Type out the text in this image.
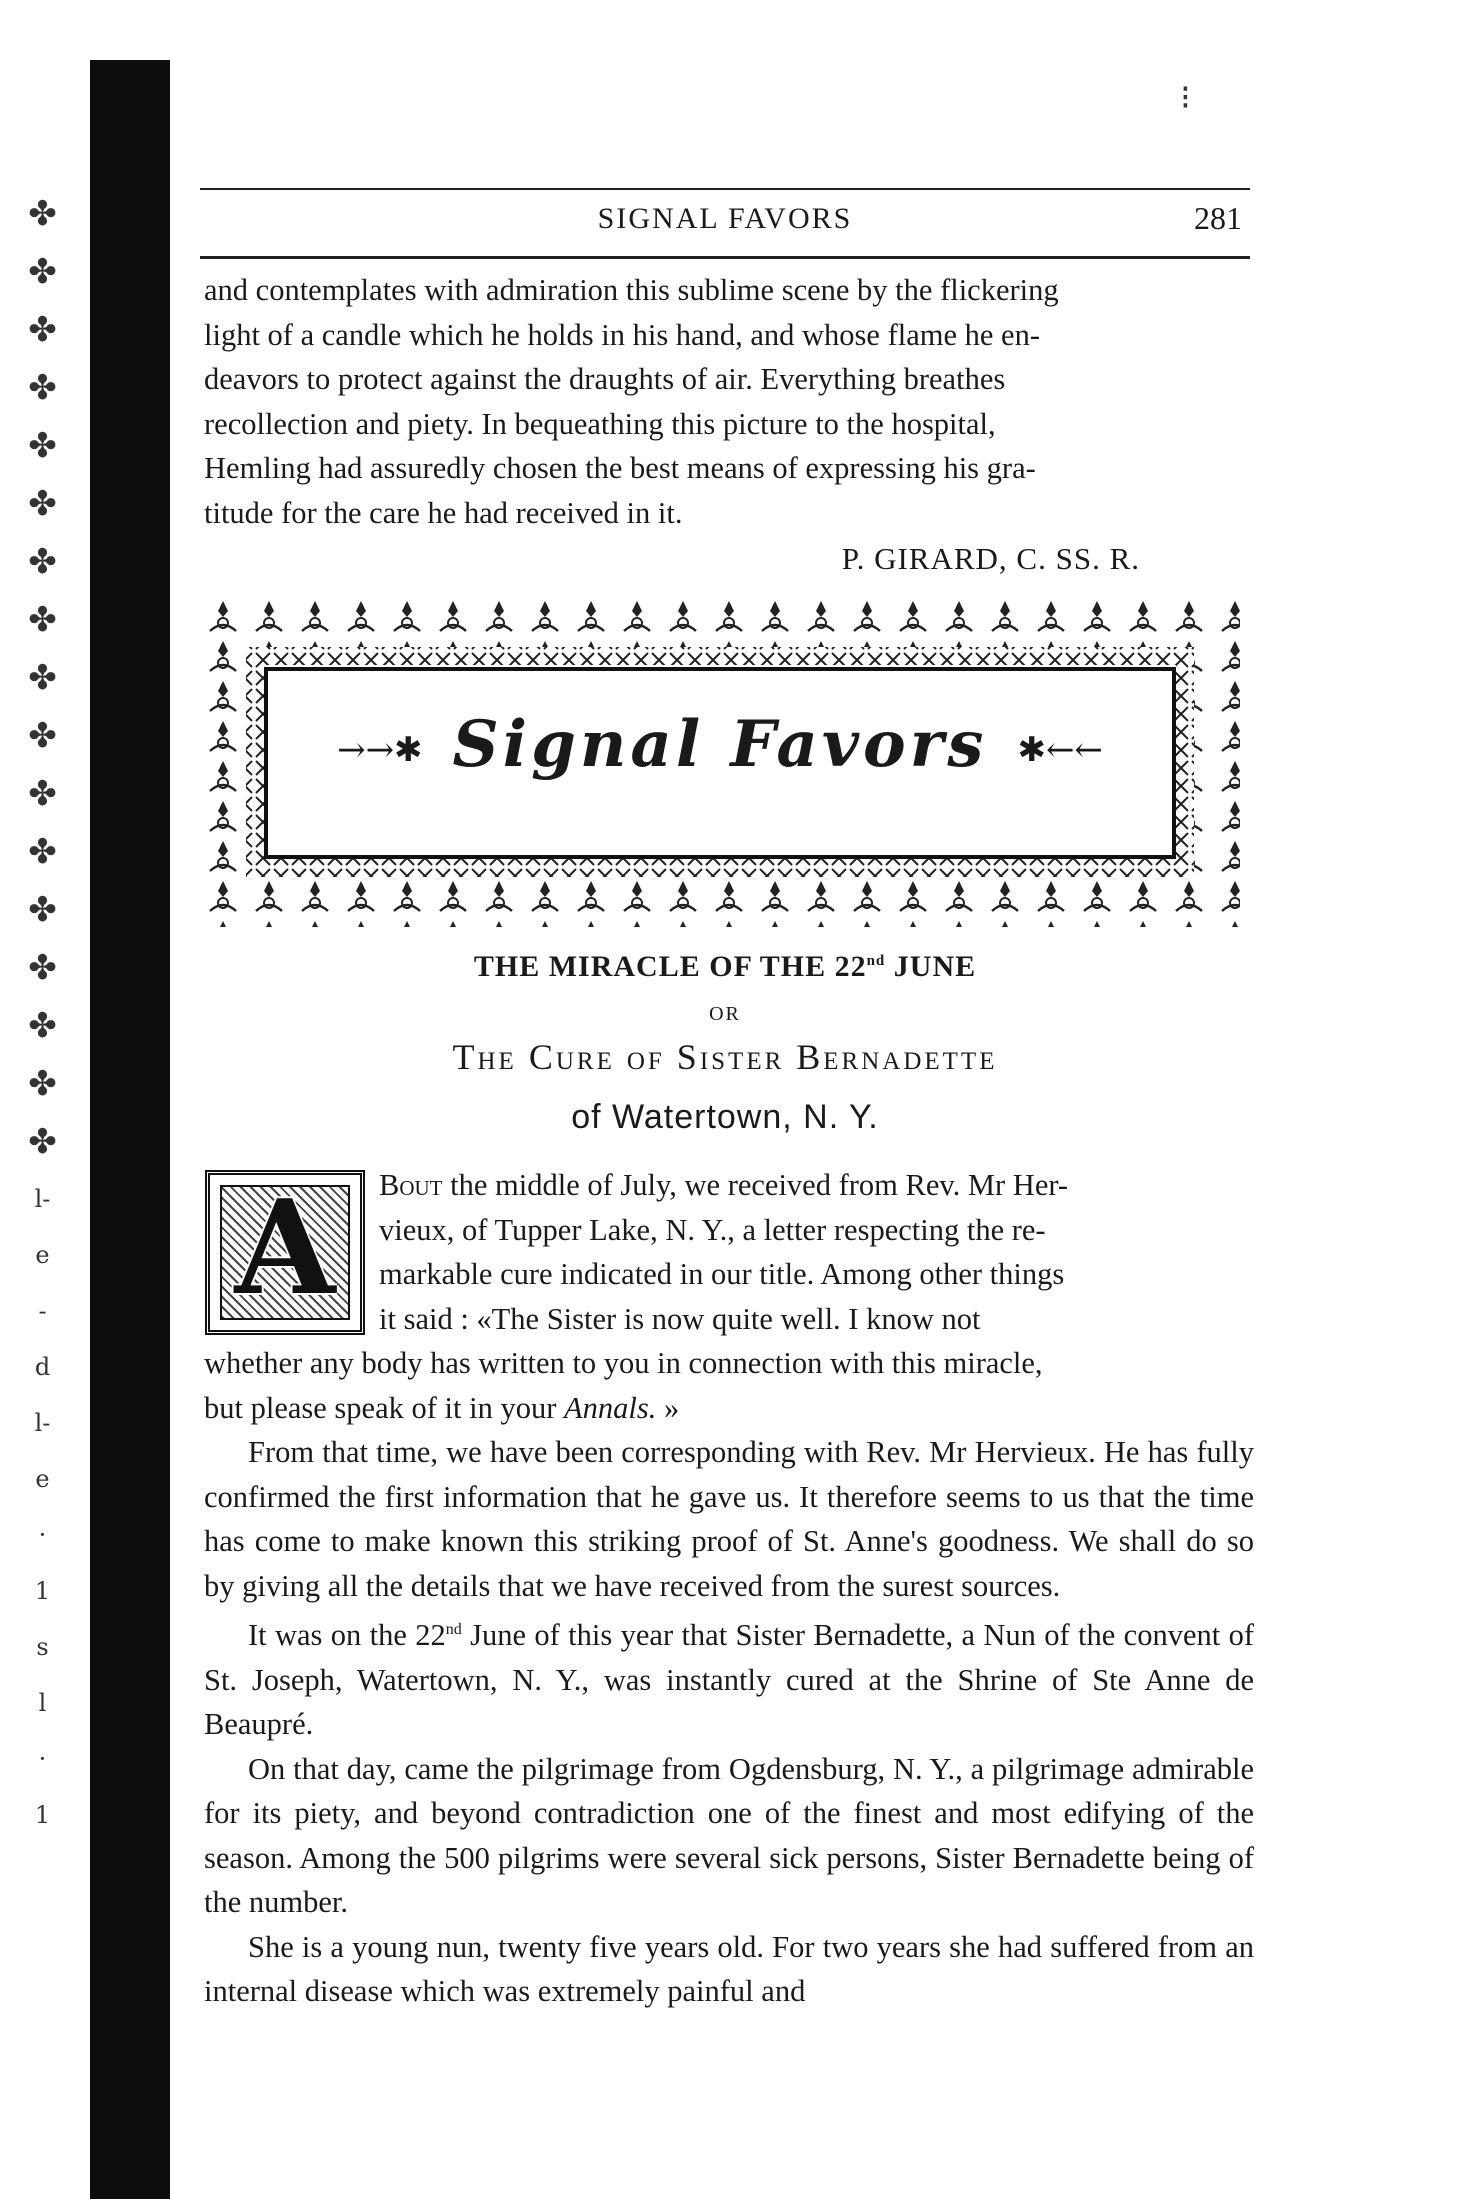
✤
✤
✤
✤
✤
✤
✤
✤
✤
✤
✤
✤
✤
✤
✤
✤
✤
l-
e
-
d
l-
e
·
1
s
l
·
1
⁝
SIGNAL FAVORS	281
and contemplates with admiration this sublime scene by the flickering
light of a candle which he holds in his hand, and whose flame he en-
deavors to protect against the draughts of air. Everything breathes
recollection and piety. In bequeathing this picture to the hospital,
Hemling had assuredly chosen the best means of expressing his gra-
titude for the care he had received in it.
P. GIRARD, C. SS. R.
→→✱ Signal Favors ✱←←
THE MIRACLE OF THE 22nd JUNE
OR
The Cure of Sister Bernadette
of Watertown, N. Y.
A	Bout the middle of July, we received from Rev. Mr Her-
vieux, of Tupper Lake, N. Y., a letter respecting the re-
markable cure indicated in our title. Among other things
it said : «The Sister is now quite well. I know not
whether any body has written to you in connection with this miracle,
but please speak of it in your Annals. »

From that time, we have been corresponding with Rev. Mr Hervieux. He has fully confirmed the first information that he gave us. It therefore seems to us that the time has come to make known this striking proof of St. Anne's goodness. We shall do so by giving all the details that we have received from the surest sources.

It was on the 22nd June of this year that Sister Bernadette, a Nun of the convent of St. Joseph, Watertown, N. Y., was instantly cured at the Shrine of Ste Anne de Beaupré.

On that day, came the pilgrimage from Ogdensburg, N. Y., a pilgrimage admirable for its piety, and beyond contradiction one of the finest and most edifying of the season. Among the 500 pilgrims were several sick persons, Sister Bernadette being of the number.

She is a young nun, twenty five years old. For two years she had suffered from an internal disease which was extremely painful and
